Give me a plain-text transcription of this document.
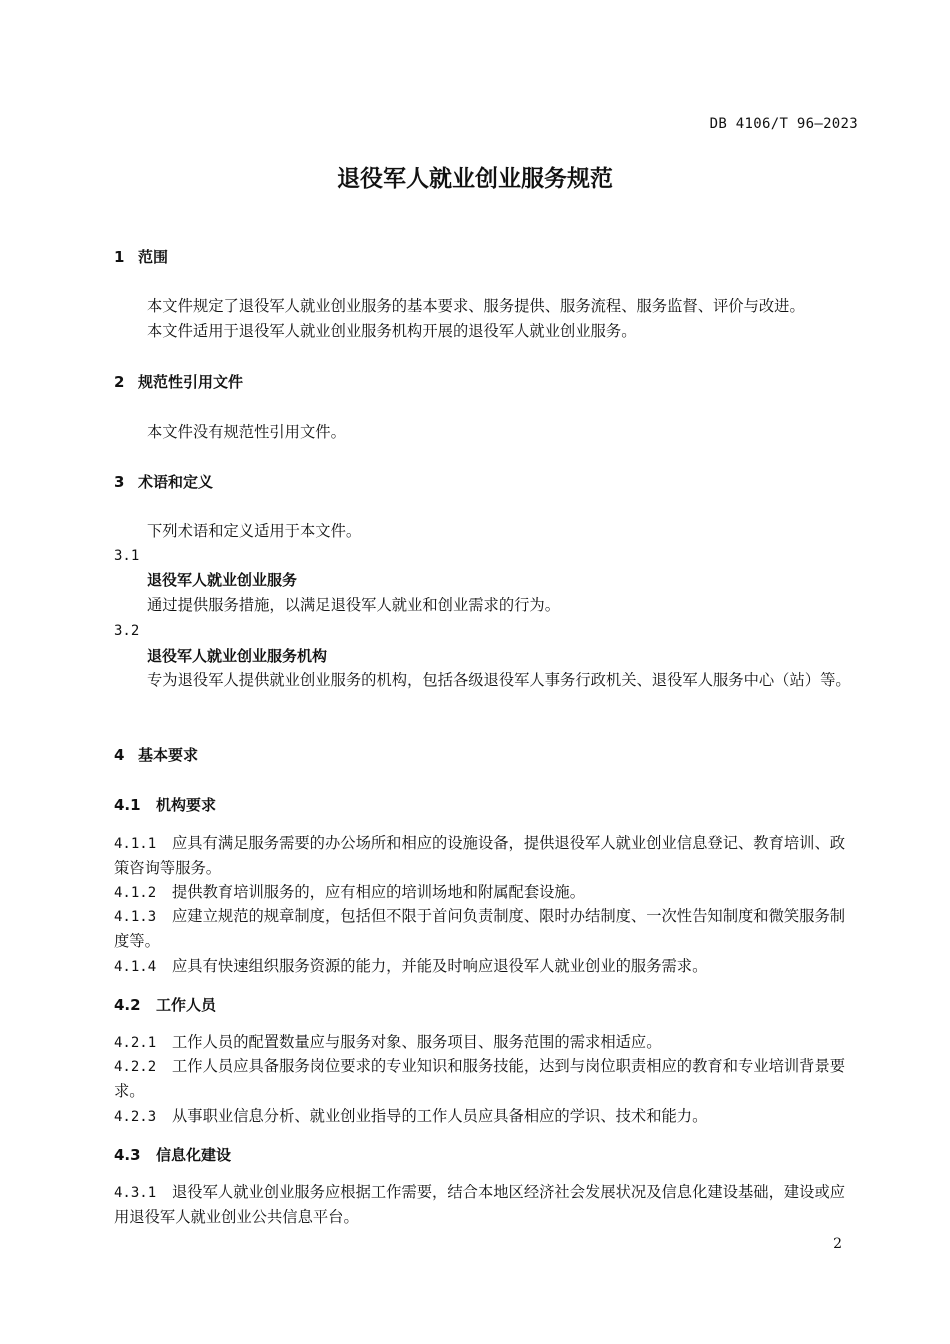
DB 4106/T 96—2023
退役军人就业创业服务规范
1 范围
本文件规定了退役军人就业创业服务的基本要求、服务提供、服务流程、服务监督、评价与改进。
本文件适用于退役军人就业创业服务机构开展的退役军人就业创业服务。
2 规范性引用文件
本文件没有规范性引用文件。
3 术语和定义
下列术语和定义适用于本文件。
3.1
退役军人就业创业服务
通过提供服务措施，以满足退役军人就业和创业需求的行为。
3.2
退役军人就业创业服务机构
专为退役军人提供就业创业服务的机构，包括各级退役军人事务行政机关、退役军人服务中心（站）等。
4 基本要求
4.1 机构要求
4.1.1 应具有满足服务需要的办公场所和相应的设施设备，提供退役军人就业创业信息登记、教育培训、政策咨询等服务。
4.1.2 提供教育培训服务的，应有相应的培训场地和附属配套设施。
4.1.3 应建立规范的规章制度，包括但不限于首问负责制度、限时办结制度、一次性告知制度和微笑服务制度等。
4.1.4 应具有快速组织服务资源的能力，并能及时响应退役军人就业创业的服务需求。
4.2 工作人员
4.2.1 工作人员的配置数量应与服务对象、服务项目、服务范围的需求相适应。
4.2.2 工作人员应具备服务岗位要求的专业知识和服务技能，达到与岗位职责相应的教育和专业培训背景要求。
4.2.3 从事职业信息分析、就业创业指导的工作人员应具备相应的学识、技术和能力。
4.3 信息化建设
4.3.1 退役军人就业创业服务应根据工作需要，结合本地区经济社会发展状况及信息化建设基础，建设或应用退役军人就业创业公共信息平台。
2
